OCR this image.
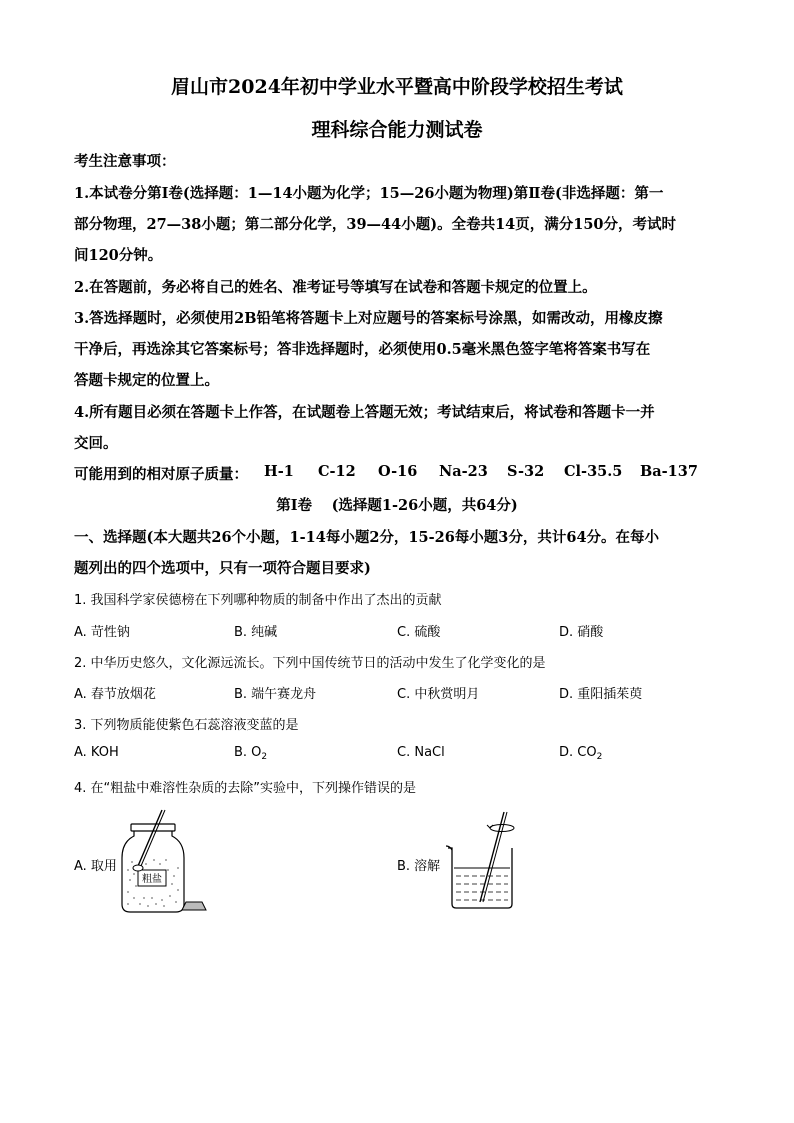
眉山市2024年初中学业水平暨高中阶段学校招生考试
理科综合能力测试卷
考生注意事项：
1.本试卷分第Ⅰ卷(选择题：1—14小题为化学；15—26小题为物理)第Ⅱ卷(非选择题：第一
部分物理，27—38小题；第二部分化学，39—44小题)。全卷共14页，满分150分，考试时
间120分钟。
2.在答题前，务必将自己的姓名、准考证号等填写在试卷和答题卡规定的位置上。
3.答选择题时，必须使用2B铅笔将答题卡上对应题号的答案标号涂黑，如需改动，用橡皮擦
干净后，再选涂其它答案标号；答非选择题时，必须使用0.5毫米黑色签字笔将答案书写在
答题卡规定的位置上。
4.所有题目必须在答题卡上作答，在试题卷上答题无效；考试结束后，将试卷和答题卡一并
交回。
可能用到的相对原子质量： H-1 C-12 O-16 Na-23 S-32 Cl-35.5 Ba-137
第Ⅰ卷　 (选择题1-26小题，共64分)
一、选择题(本大题共26个小题，1-14每小题2分，15-26每小题3分，共计64分。在每小
题列出的四个选项中，只有一项符合题目要求)
1. 我国科学家侯德榜在下列哪种物质的制备中作出了杰出的贡献
A. 苛性钠	B. 纯碱	C. 硫酸	D. 硝酸
2. 中华历史悠久，文化源远流长。下列中国传统节日的活动中发生了化学变化的是
A. 春节放烟花	B. 端午赛龙舟	C. 中秋赏明月	D. 重阳插茱萸
3. 下列物质能使紫色石蕊溶液变蓝的是
A. KOH	B. $O_2$	C. NaCl	D. $CO_2$
4. 在“粗盐中难溶性杂质的去除”实验中，下列操作错误的是
A. 取用	B. 溶解
粗盐
